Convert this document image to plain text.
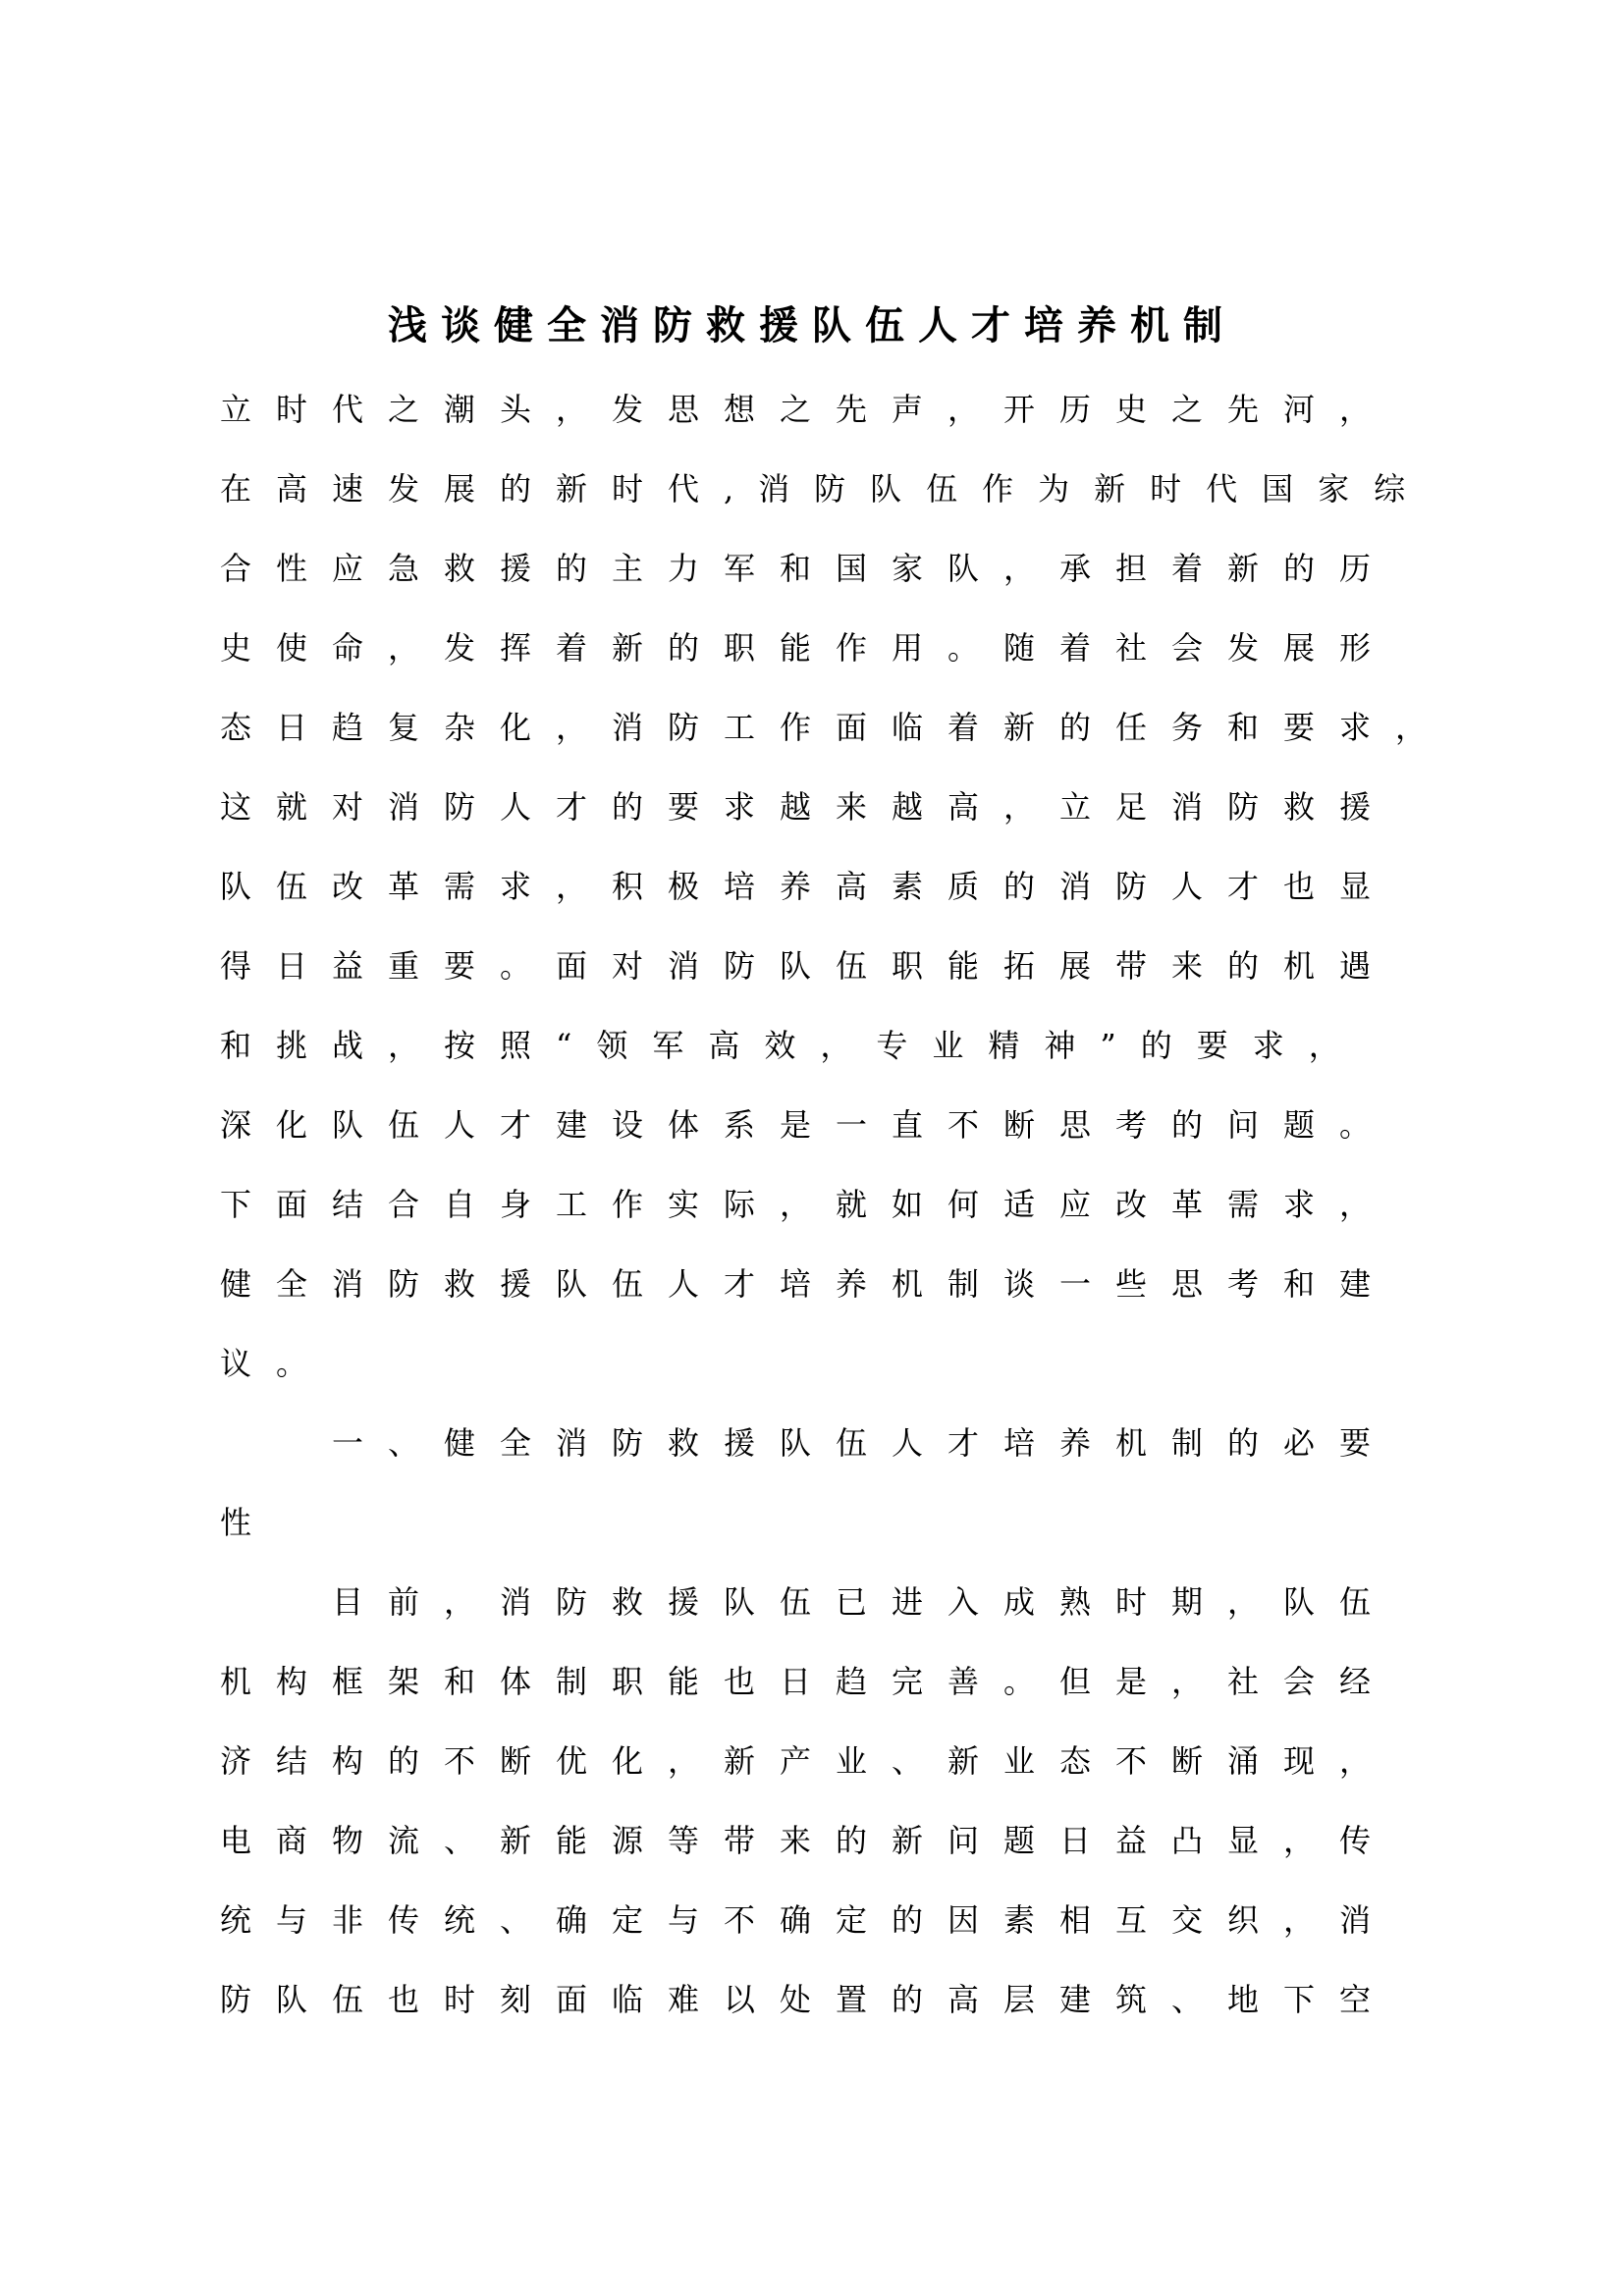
浅谈健全消防救援队伍人才培养机制
立时代之潮头，发思想之先声，开历史之先河，
在高速发展的新时代,消防队伍作为新时代国家综
合性应急救援的主力军和国家队，承担着新的历
史使命，发挥着新的职能作用。随着社会发展形
态日趋复杂化，消防工作面临着新的任务和要求，
这就对消防人才的要求越来越高，立足消防救援
队伍改革需求，积极培养高素质的消防人才也显
得日益重要。面对消防队伍职能拓展带来的机遇
和挑战，按照“领军高效，专业精神”的要求，
深化队伍人才建设体系是一直不断思考的问题。
下面结合自身工作实际，就如何适应改革需求，
健全消防救援队伍人才培养机制谈一些思考和建
议。
一、健全消防救援队伍人才培养机制的必要
性
目前，消防救援队伍已进入成熟时期，队伍
机构框架和体制职能也日趋完善。但是，社会经
济结构的不断优化，新产业、新业态不断涌现，
电商物流、新能源等带来的新问题日益凸显，传
统与非传统、确定与不确定的因素相互交织，消
防队伍也时刻面临难以处置的高层建筑、地下空
